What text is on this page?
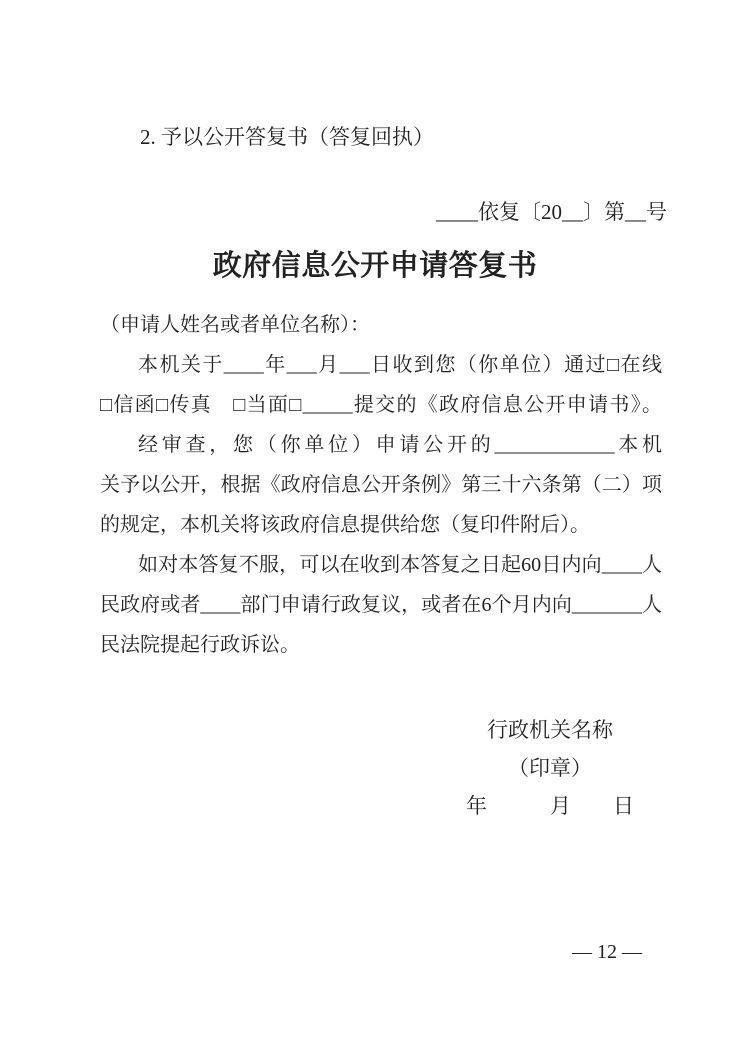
2. 予以公开答复书（答复回执）
____依复〔20__〕第__号
政府信息公开申请答复书
（申请人姓名或者单位名称）：
本机关于____年___月___日收到您（你单位）通过□在线
□信函□传真　□当面□_____提交的《政府信息公开申请书》。
经审查，您（你单位）申请公开的____________本机
关予以公开，根据《政府信息公开条例》第三十六条第（二）项
的规定，本机关将该政府信息提供给您（复印件附后）。
如对本答复不服，可以在收到本答复之日起60日内向____人
民政府或者____部门申请行政复议，或者在6个月内向_______人
民法院提起行政诉讼。
行政机关名称
（印章）
年　　　月　　日
— 12 —
